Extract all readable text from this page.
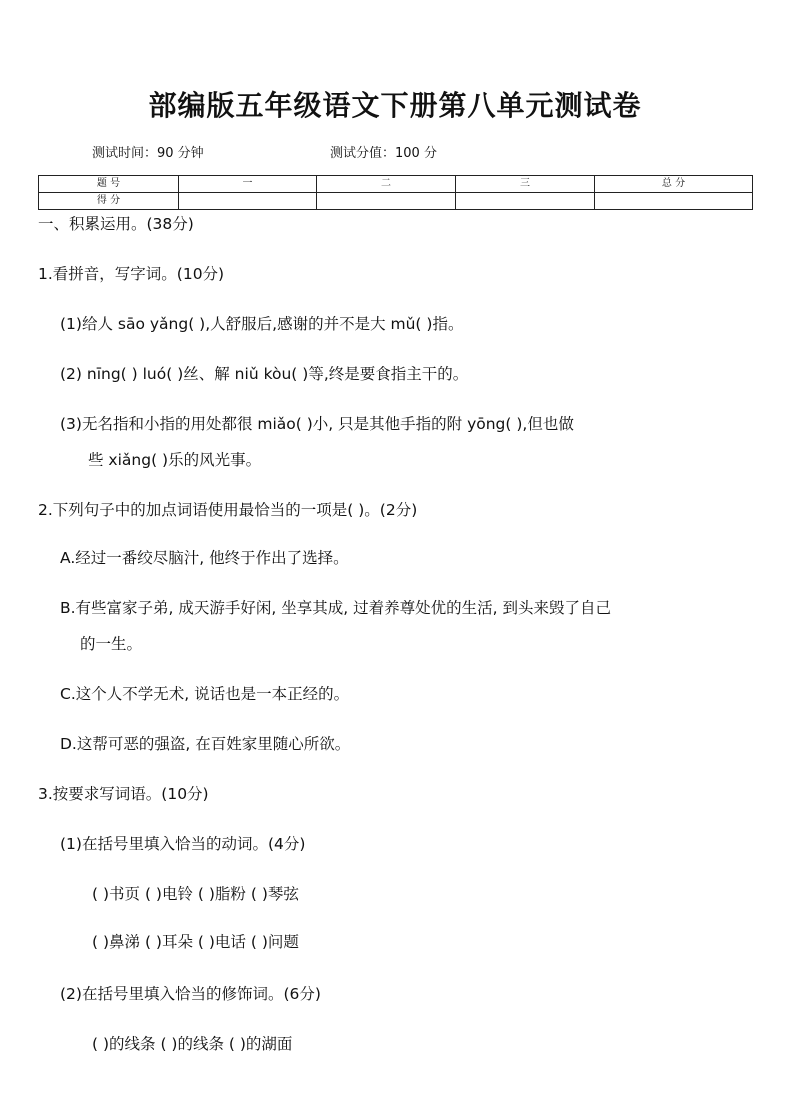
部编版五年级语文下册第八单元测试卷
测试时间：90 分钟	测试分值：100 分
题 号	一	二	三	总 分
得 分				
一、积累运用。(38分)
1.看拼音，写字词。(10分)
(1)给人 sāo yǎng( ),人舒服后,感谢的并不是大 mǔ( )指。
(2) nīng( ) luó( )丝、解 niǔ kòu( )等,终是要食指主干的。
(3)无名指和小指的用处都很 miǎo( )小, 只是其他手指的附 yōng( ),但也做
些 xiǎng( )乐的风光事。
2.下列句子中的加点词语使用最恰当的一项是( )。(2分)
A.经过一番绞尽脑汁, 他终于作出了选择。
B.有些富家子弟, 成天游手好闲, 坐享其成, 过着养尊处优的生活, 到头来毁了自己
的一生。
C.这个人不学无术, 说话也是一本正经的。
D.这帮可恶的强盗, 在百姓家里随心所欲。
3.按要求写词语。(10分)
(1)在括号里填入恰当的动词。(4分)
( )书页 ( )电铃 ( )脂粉 ( )琴弦
( )鼻涕 ( )耳朵 ( )电话 ( )问题
(2)在括号里填入恰当的修饰词。(6分)
( )的线条 ( )的线条 ( )的湖面
